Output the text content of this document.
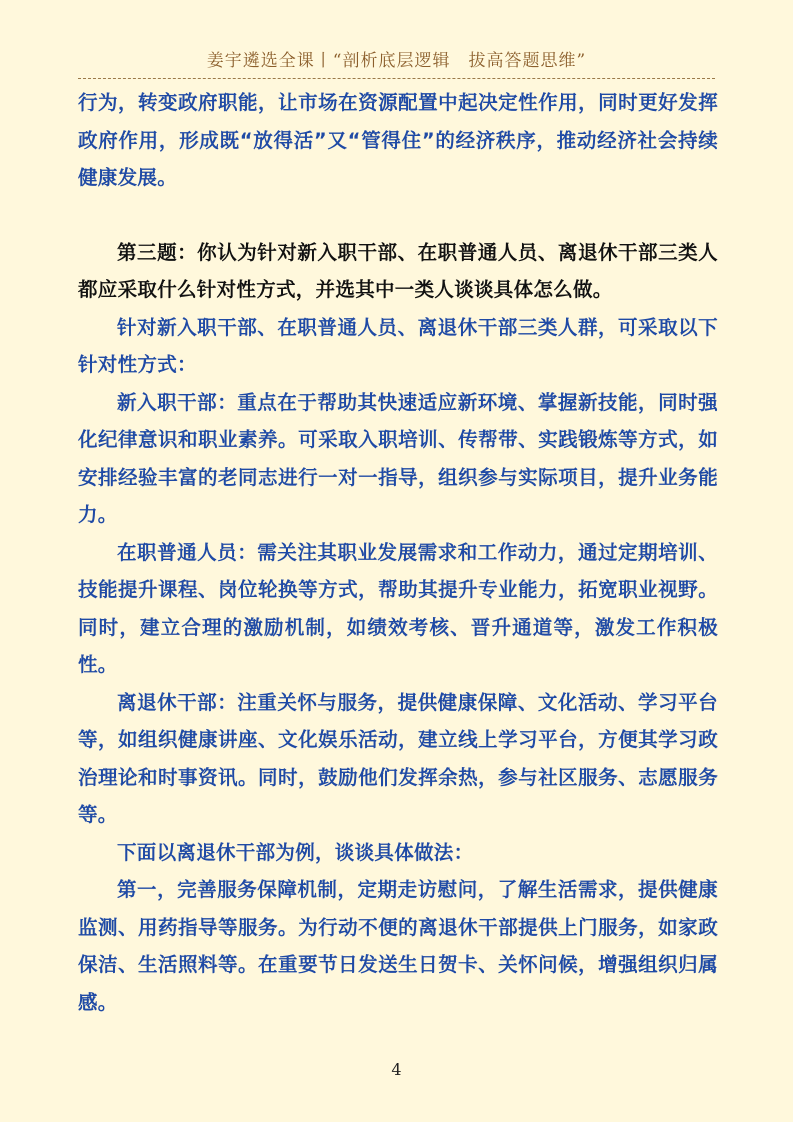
姜宇遴选全课丨“剖析底层逻辑　拔高答题思维”

行为，转变政府职能，让市场在资源配置中起决定性作用，同时更好发挥政府作用，形成既“放得活”又“管得住”的经济秩序，推动经济社会持续健康发展。

第三题：你认为针对新入职干部、在职普通人员、离退休干部三类人都应采取什么针对性方式，并选其中一类人谈谈具体怎么做。

针对新入职干部、在职普通人员、离退休干部三类人群，可采取以下针对性方式：

新入职干部：重点在于帮助其快速适应新环境、掌握新技能，同时强化纪律意识和职业素养。可采取入职培训、传帮带、实践锻炼等方式，如安排经验丰富的老同志进行一对一指导，组织参与实际项目，提升业务能力。

在职普通人员：需关注其职业发展需求和工作动力，通过定期培训、技能提升课程、岗位轮换等方式，帮助其提升专业能力，拓宽职业视野。同时，建立合理的激励机制，如绩效考核、晋升通道等，激发工作积极性。

离退休干部：注重关怀与服务，提供健康保障、文化活动、学习平台等，如组织健康讲座、文化娱乐活动，建立线上学习平台，方便其学习政治理论和时事资讯。同时，鼓励他们发挥余热，参与社区服务、志愿服务等。

下面以离退休干部为例，谈谈具体做法：

第一，完善服务保障机制，定期走访慰问，了解生活需求，提供健康监测、用药指导等服务。为行动不便的离退休干部提供上门服务，如家政保洁、生活照料等。在重要节日发送生日贺卡、关怀问候，增强组织归属感。

4
